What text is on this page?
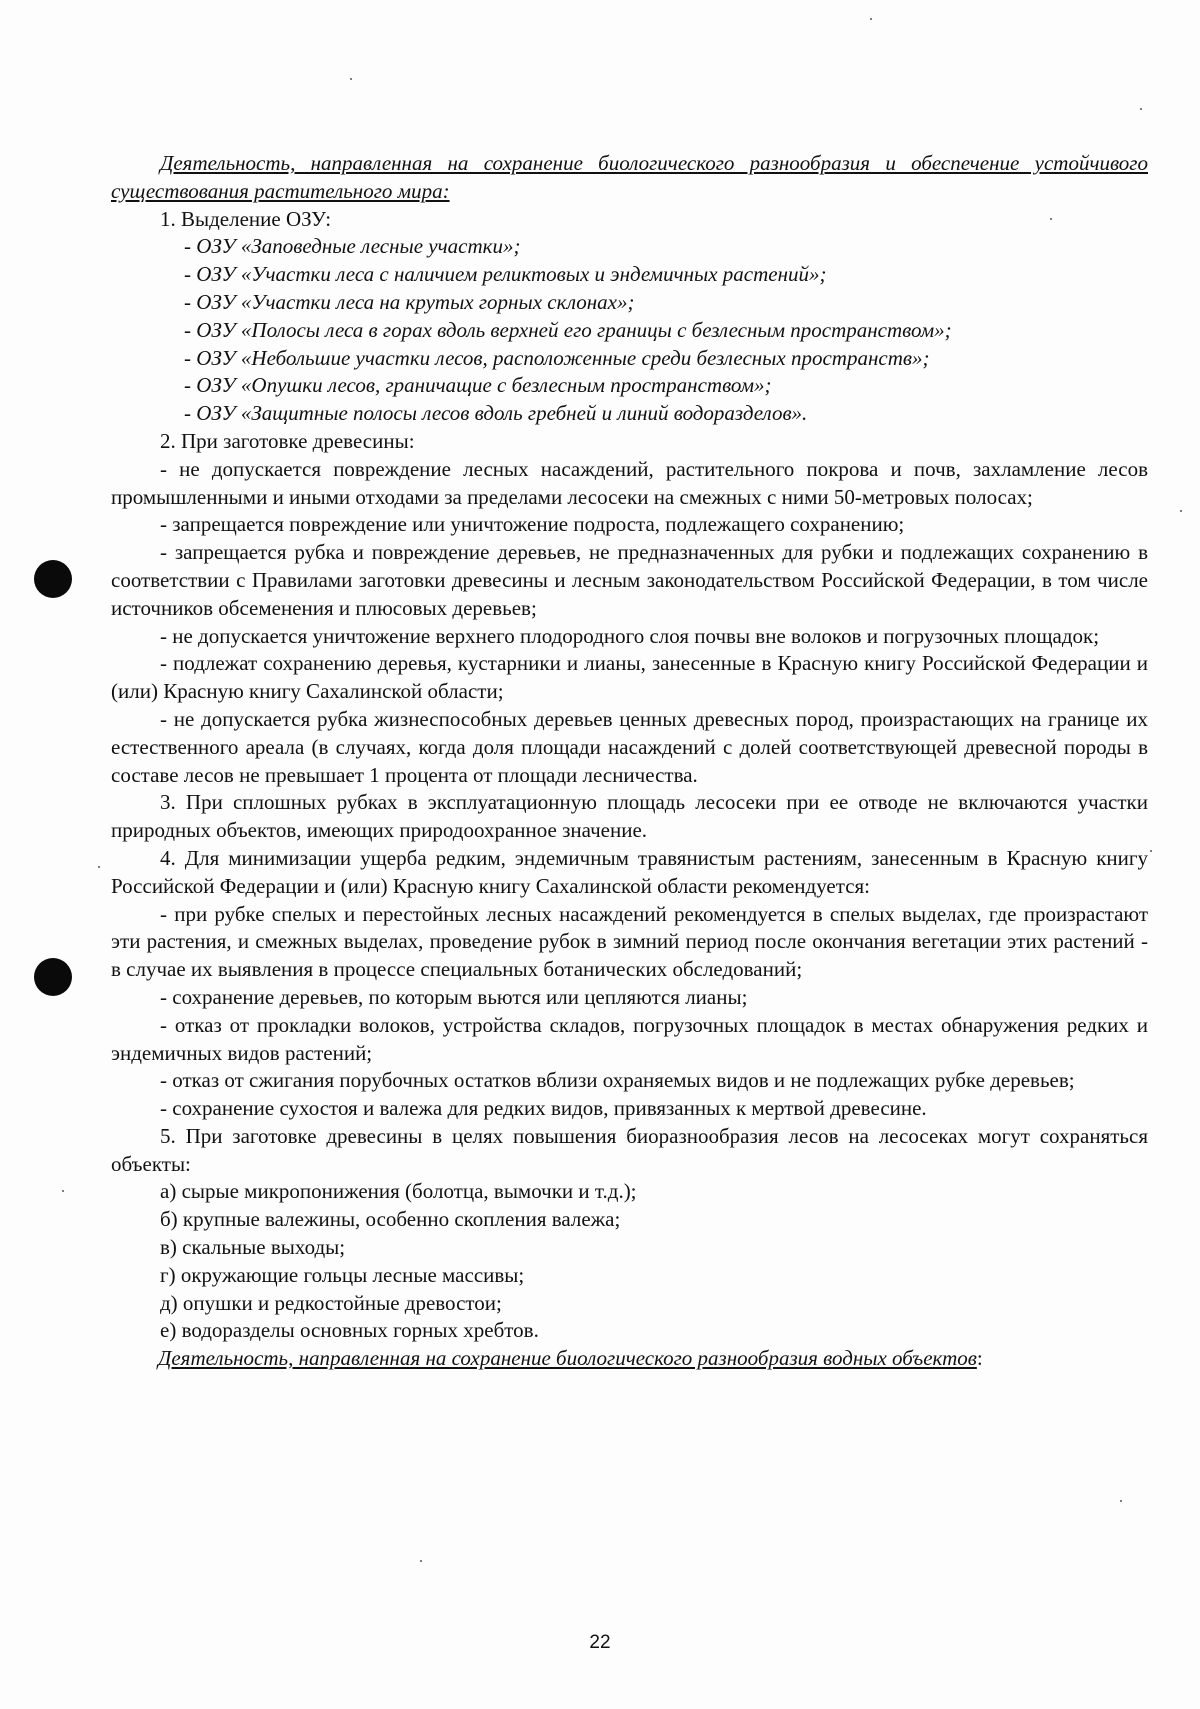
Деятельность, направленная на сохранение биологического разнообразия и обеспечение устойчивого существования растительного мира:

1. Выделение ОЗУ:

- ОЗУ «Заповедные лесные участки»;

- ОЗУ «Участки леса с наличием реликтовых и эндемичных растений»;

- ОЗУ «Участки леса на крутых горных склонах»;

- ОЗУ «Полосы леса в горах вдоль верхней его границы с безлесным пространством»;

- ОЗУ «Небольшие участки лесов, расположенные среди безлесных пространств»;

- ОЗУ «Опушки лесов, граничащие с безлесным пространством»;

- ОЗУ «Защитные полосы лесов вдоль гребней и линий водоразделов».

2. При заготовке древесины:

- не допускается повреждение лесных насаждений, растительного покрова и почв, захламление лесов промышленными и иными отходами за пределами лесосеки на смежных с ними 50-метровых полосах;

- запрещается повреждение или уничтожение подроста, подлежащего сохранению;

- запрещается рубка и повреждение деревьев, не предназначенных для рубки и подлежащих сохранению в соответствии с Правилами заготовки древесины и лесным законодательством Российской Федерации, в том числе источников обсеменения и плюсовых деревьев;

- не допускается уничтожение верхнего плодородного слоя почвы вне волоков и погрузочных площадок;

- подлежат сохранению деревья, кустарники и лианы, занесенные в Красную книгу Российской Федерации и (или) Красную книгу Сахалинской области;

- не допускается рубка жизнеспособных деревьев ценных древесных пород, произрастающих на границе их естественного ареала (в случаях, когда доля площади насаждений с долей соответствующей древесной породы в составе лесов не превышает 1 процента от площади лесничества.

3. При сплошных рубках в эксплуатационную площадь лесосеки при ее отводе не включаются участки природных объектов, имеющих природоохранное значение.

4. Для минимизации ущерба редким, эндемичным травянистым растениям, занесенным в Красную книгу Российской Федерации и (или) Красную книгу Сахалинской области рекомендуется:

- при рубке спелых и перестойных лесных насаждений рекомендуется в спелых выделах, где произрастают эти растения, и смежных выделах, проведение рубок в зимний период после окончания вегетации этих растений - в случае их выявления в процессе специальных ботанических обследований;

- сохранение деревьев, по которым вьются или цепляются лианы;

- отказ от прокладки волоков, устройства складов, погрузочных площадок в местах обнаружения редких и эндемичных видов растений;

- отказ от сжигания порубочных остатков вблизи охраняемых видов и не подлежащих рубке деревьев;

- сохранение сухостоя и валежа для редких видов, привязанных к мертвой древесине.

5. При заготовке древесины в целях повышения биоразнообразия лесов на лесосеках могут сохраняться объекты:

а) сырые микропонижения (болотца, вымочки и т.д.);

б) крупные валежины, особенно скопления валежа;

в) скальные выходы;

г) окружающие гольцы лесные массивы;

д) опушки и редкостойные древостои;

е) водоразделы основных горных хребтов.

Деятельность, направленная на сохранение биологического разнообразия водных объектов:

22
